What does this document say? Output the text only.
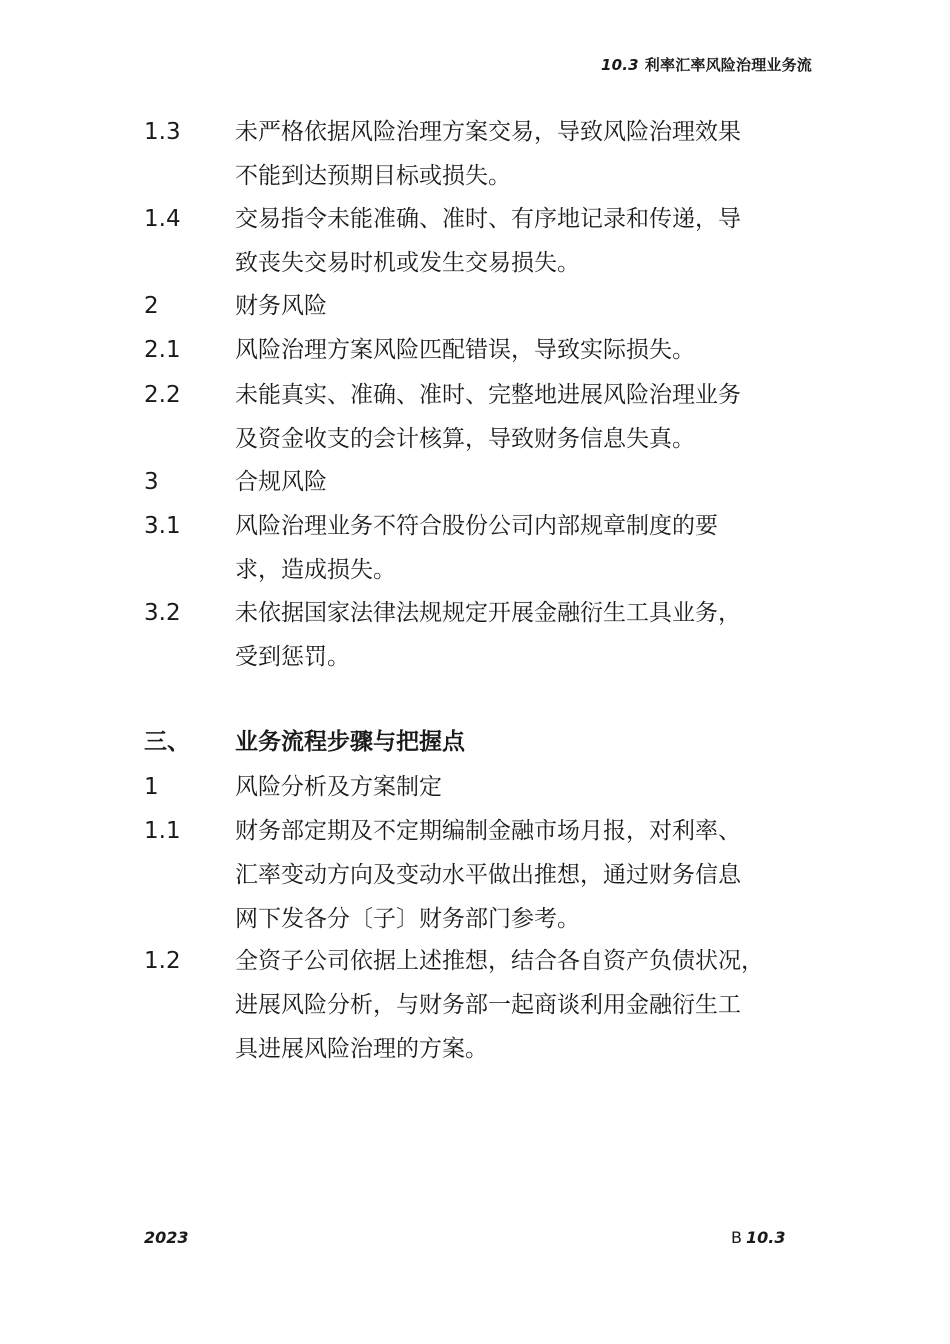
10.3 利率汇率风险治理业务流
1.3	未严格依据风险治理方案交易，导致风险治理效果
不能到达预期目标或损失。
1.4	交易指令未能准确、准时、有序地记录和传递，导
致丧失交易时机或发生交易损失。
2	财务风险
2.1	风险治理方案风险匹配错误，导致实际损失。
2.2	未能真实、准确、准时、完整地进展风险治理业务
及资金收支的会计核算，导致财务信息失真。
3	合规风险
3.1	风险治理业务不符合股份公司内部规章制度的要
求，造成损失。
3.2	未依据国家法律法规规定开展金融衍生工具业务，
受到惩罚。
三、	业务流程步骤与把握点
1	风险分析及方案制定
1.1	财务部定期及不定期编制金融市场月报，对利率、
汇率变动方向及变动水平做出推想，通过财务信息
网下发各分〔子〕财务部门参考。
1.2	全资子公司依据上述推想，结合各自资产负债状况，
进展风险分析，与财务部一起商谈利用金融衍生工
具进展风险治理的方案。
2023	B 10.3
